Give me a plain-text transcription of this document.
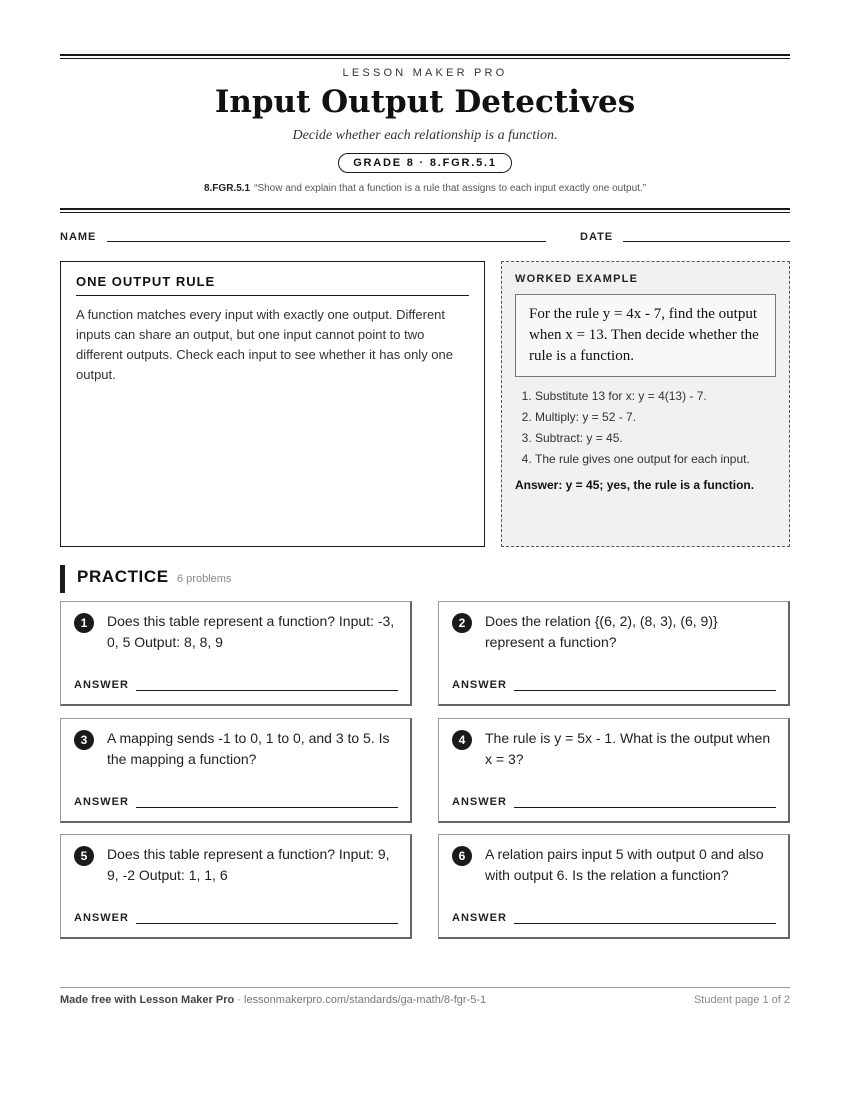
LESSON MAKER PRO
Input Output Detectives
Decide whether each relationship is a function.
GRADE 8 · 8.FGR.5.1
8.FGR.5.1 “Show and explain that a function is a rule that assigns to each input exactly one output.”
NAME	DATE
ONE OUTPUT RULE

A function matches every input with exactly one output. Different inputs can share an output, but one input cannot point to two different outputs. Check each input to see whether it has only one output.

WORKED EXAMPLE
For the rule y = 4x - 7, find the output when x = 13. Then decide whether the rule is a function.
1. Substitute 13 for x: y = 4(13) - 7.
2. Multiply: y = 52 - 7.
3. Subtract: y = 45.
4. The rule gives one output for each input.
Answer: y = 45; yes, the rule is a function.
PRACTICE 6 problems
1	Does this table represent a function? Input: -3, 0, 5 Output: 8, 8, 9
ANSWER
2	Does the relation {(6, 2), (8, 3), (6, 9)} represent a function?
ANSWER
3	A mapping sends -1 to 0, 1 to 0, and 3 to 5. Is the mapping a function?
ANSWER
4	The rule is y = 5x - 1. What is the output when x = 3?
ANSWER
5	Does this table represent a function? Input: 9, 9, -2 Output: 1, 1, 6
ANSWER
6	A relation pairs input 5 with output 0 and also with output 6. Is the relation a function?
ANSWER
Made free with Lesson Maker Pro · lessonmakerpro.com/standards/ga-math/8-fgr-5-1	Student page 1 of 2
